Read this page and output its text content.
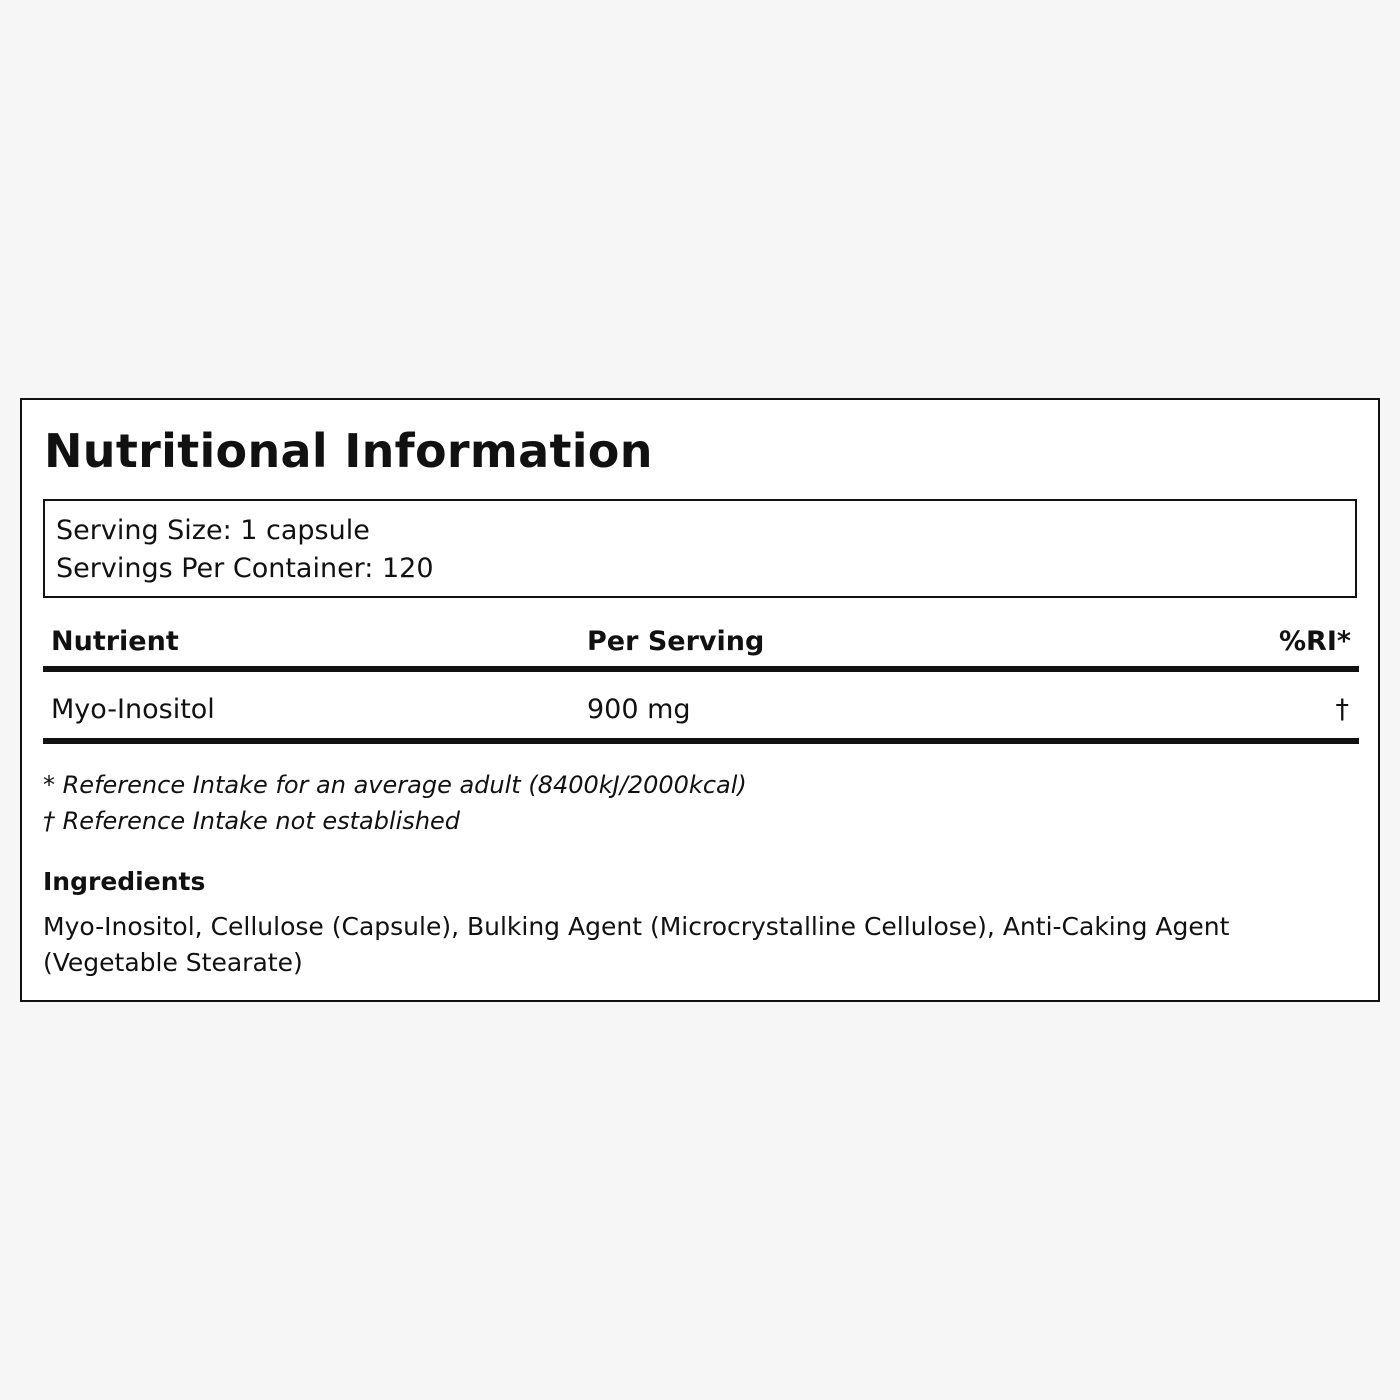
Nutritional Information
Serving Size: 1 capsule
Servings Per Container: 120
Nutrient	Per Serving	%RI*
Myo-Inositol	900 mg	†
* Reference Intake for an average adult (8400kJ/2000kcal)
† Reference Intake not established
Ingredients

Myo-Inositol, Cellulose (Capsule), Bulking Agent (Microcrystalline Cellulose), Anti-Caking Agent (Vegetable Stearate)
